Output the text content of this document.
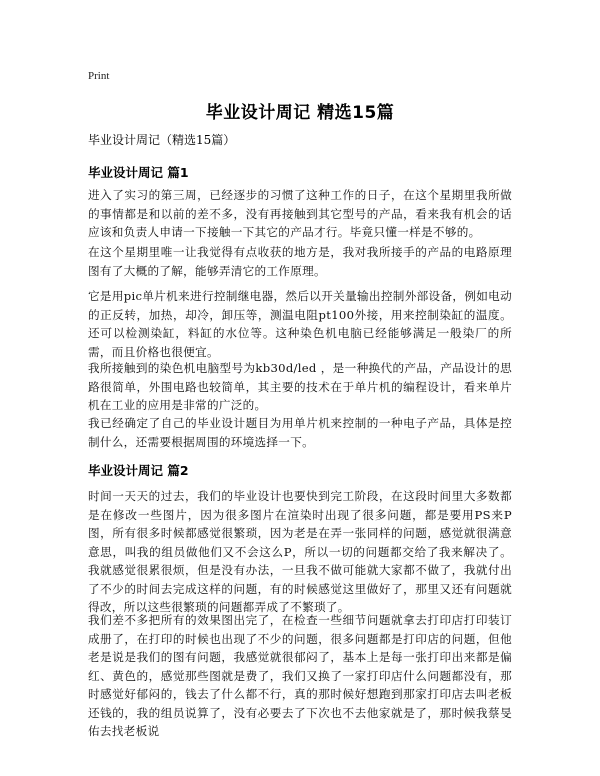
Print
毕业设计周记 精选15篇
毕业设计周记（精选15篇）
毕业设计周记 篇1
进入了实习的第三周，已经逐步的习惯了这种工作的日子，在这个星期里我所做的事情都是和以前的差不多，没有再接触到其它型号的产品，看来我有机会的话应该和负责人申请一下接触一下其它的产品才行。毕竟只懂一样是不够的。
在这个星期里唯一让我觉得有点收获的地方是，我对我所接手的产品的电路原理图有了大概的了解，能够弄清它的工作原理。
它是用pic单片机来进行控制继电器，然后以开关量输出控制外部设备，例如电动的正反转，加热，却冷，卸压等，测温电阻pt100外接，用来控制染缸的温度。还可以检测染缸，料缸的水位等。这种染色机电脑已经能够满足一般染厂的所需，而且价格也很便宜。
我所接触到的染色机电脑型号为kb30d/led ，是一种换代的产品，产品设计的思路很简单，外围电路也较简单，其主要的技术在于单片机的编程设计，看来单片机在工业的应用是非常的广泛的。
我已经确定了自己的毕业设计题目为用单片机来控制的一种电子产品，具体是控制什么，还需要根据周围的环境选择一下。
毕业设计周记 篇2
时间一天天的过去，我们的毕业设计也要快到完工阶段，在这段时间里大多数都是在修改一些图片，因为很多图片在渲染时出现了很多问题，都是要用PS来P图，所有很多时候都感觉很繁琐，因为老是在弄一张同样的问题，感觉就很满意意思，叫我的组员做他们又不会这么P，所以一切的问题都交给了我来解决了。我就感觉很累很烦，但是没有办法，一旦我不做可能就大家都不做了，我就付出了不少的时间去完成这样的问题，有的时候感觉这里做好了，那里又还有问题就得改，所以这些很繁琐的问题都弄成了不繁琐了。
我们差不多把所有的效果图出完了，在检查一些细节问题就拿去打印店打印装订成册了，在打印的时候也出现了不少的问题，很多问题都是打印店的问题，但他老是说是我们的图有问题，我感觉就很郁闷了，基本上是每一张打印出来都是偏红、黄色的，感觉那些图就是费了，我们又换了一家打印店什么问题都没有，那时感觉好郁闷的，钱去了什么都不行，真的那时候好想跑到那家打印店去叫老板还钱的，我的组员说算了，没有必要去了下次也不去他家就是了，那时候我蔡旻佑去找老板说
